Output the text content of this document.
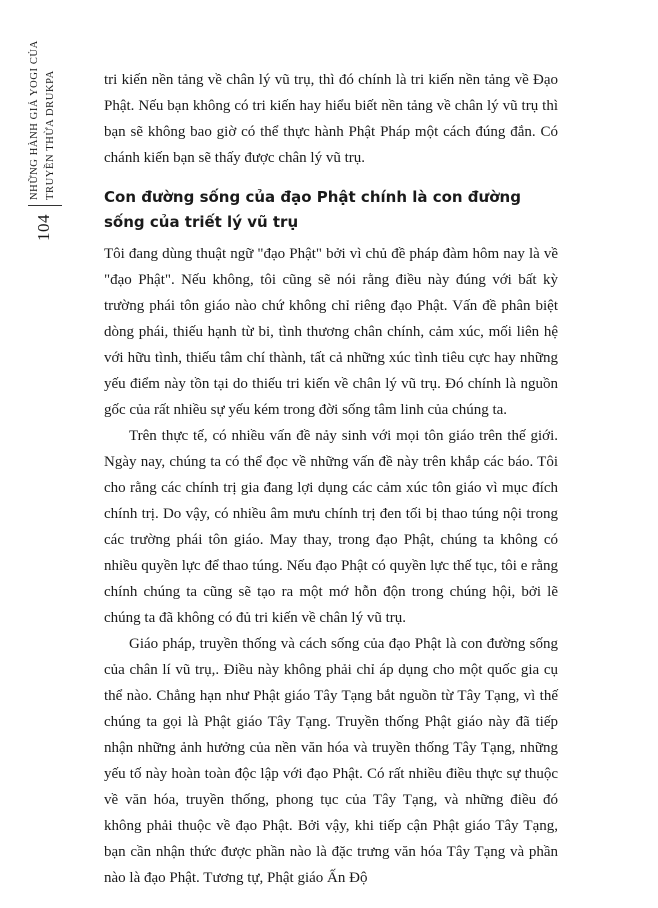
104
NHỮNG HÀNH GIẢ YOGI CỦA TRUYỀN THỪA DRUKPA	tri kiến nền tảng về chân lý vũ trụ, thì đó chính là tri kiến nền tảng về Đạo Phật. Nếu bạn không có tri kiến hay hiểu biết nền tảng về chân lý vũ trụ thì bạn sẽ không bao giờ có thể thực hành Phật Pháp một cách đúng đắn. Có chánh kiến bạn sẽ thấy được chân lý vũ trụ.

Con đường sống của đạo Phật chính là con đường sống của triết lý vũ trụ

Tôi đang dùng thuật ngữ "đạo Phật" bởi vì chủ đề pháp đàm hôm nay là về "đạo Phật". Nếu không, tôi cũng sẽ nói rằng điều này đúng với bất kỳ trường phái tôn giáo nào chứ không chỉ riêng đạo Phật. Vấn đề phân biệt dòng phái, thiếu hạnh từ bi, tình thương chân chính, cảm xúc, mối liên hệ với hữu tình, thiếu tâm chí thành, tất cả những xúc tình tiêu cực hay những yếu điểm này tồn tại do thiếu tri kiến về chân lý vũ trụ. Đó chính là nguồn gốc của rất nhiều sự yếu kém trong đời sống tâm linh của chúng ta.

Trên thực tế, có nhiều vấn đề nảy sinh với mọi tôn giáo trên thế giới. Ngày nay, chúng ta có thể đọc về những vấn đề này trên khắp các báo. Tôi cho rằng các chính trị gia đang lợi dụng các cảm xúc tôn giáo vì mục đích chính trị. Do vậy, có nhiều âm mưu chính trị đen tối bị thao túng nội trong các trường phái tôn giáo. May thay, trong đạo Phật, chúng ta không có nhiều quyền lực để thao túng. Nếu đạo Phật có quyền lực thế tục, tôi e rằng chính chúng ta cũng sẽ tạo ra một mớ hỗn độn trong chúng hội, bởi lẽ chúng ta đã không có đủ tri kiến về chân lý vũ trụ.

Giáo pháp, truyền thống và cách sống của đạo Phật là con đường sống của chân lí vũ trụ,. Điều này không phải chỉ áp dụng cho một quốc gia cụ thể nào. Chẳng hạn như Phật giáo Tây Tạng bắt nguồn từ Tây Tạng, vì thế chúng ta gọi là Phật giáo Tây Tạng. Truyền thống Phật giáo này đã tiếp nhận những ảnh hưởng của nền văn hóa và truyền thống Tây Tạng, những yếu tố này hoàn toàn độc lập với đạo Phật. Có rất nhiều điều thực sự thuộc về văn hóa, truyền thống, phong tục của Tây Tạng, và những điều đó không phải thuộc về đạo Phật. Bởi vậy, khi tiếp cận Phật giáo Tây Tạng, bạn cần nhận thức được phần nào là đặc trưng văn hóa Tây Tạng và phần nào là đạo Phật. Tương tự, Phật giáo Ấn Độ
